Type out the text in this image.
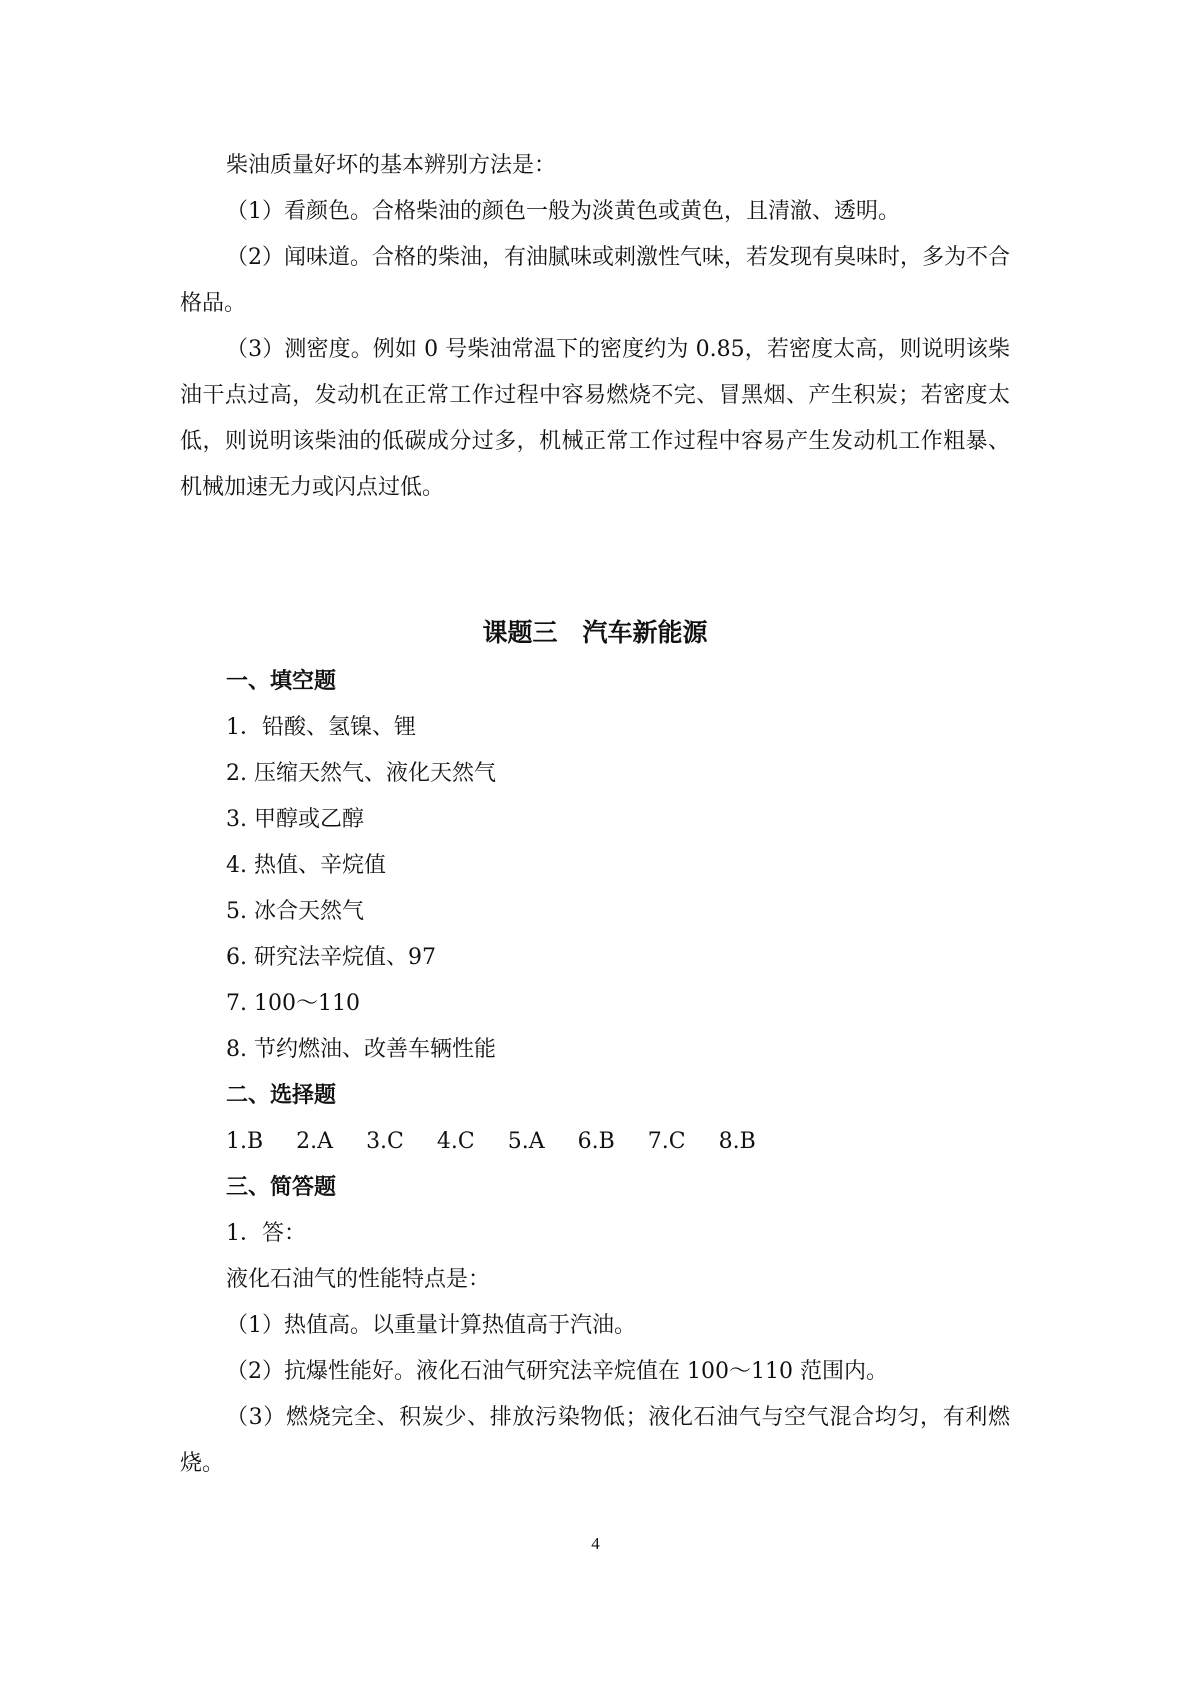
柴油质量好坏的基本辨别方法是：

（1）看颜色。合格柴油的颜色一般为淡黄色或黄色，且清澈、透明。

（2）闻味道。合格的柴油，有油腻味或刺激性气味，若发现有臭味时，多为不合格品。

（3）测密度。例如 0 号柴油常温下的密度约为 0.85，若密度太高，则说明该柴油干点过高，发动机在正常工作过程中容易燃烧不完、冒黑烟、产生积炭；若密度太低，则说明该柴油的低碳成分过多，机械正常工作过程中容易产生发动机工作粗暴、机械加速无力或闪点过低。

课题三　汽车新能源

一、填空题

1．铅酸、氢镍、锂

2. 压缩天然气、液化天然气

3. 甲醇或乙醇

4. 热值、辛烷值

5. 冰合天然气

6. 研究法辛烷值、97

7. 100～110

8. 节约燃油、改善车辆性能

二、选择题

1.B 2.A 3.C 4.C 5.A 6.B 7.C 8.B

三、简答题

1．答：

液化石油气的性能特点是：

（1）热值高。以重量计算热值高于汽油。

（2）抗爆性能好。液化石油气研究法辛烷值在 100～110 范围内。

（3）燃烧完全、积炭少、排放污染物低；液化石油气与空气混合均匀，有利燃烧。

4
